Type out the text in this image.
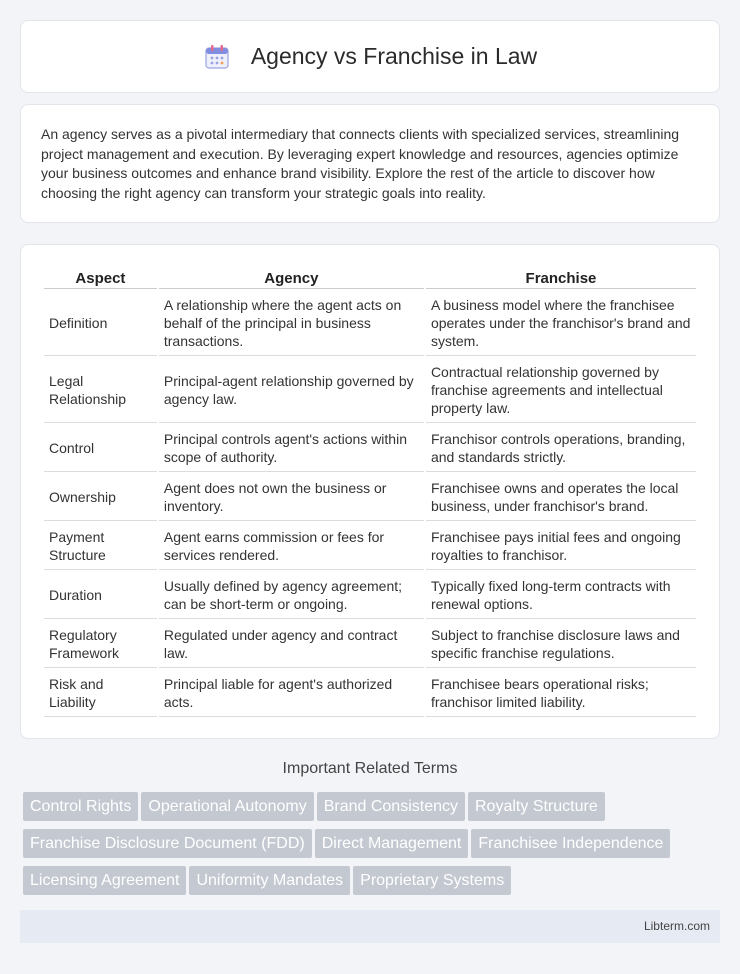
Agency vs Franchise in Law

An agency serves as a pivotal intermediary that connects clients with specialized services, streamlining project management and execution. By leveraging expert knowledge and resources, agencies optimize your business outcomes and enhance brand visibility. Explore the rest of the article to discover how choosing the right agency can transform your strategic goals into reality.

Aspect	Agency	Franchise
Definition	A relationship where the agent acts on behalf of the principal in business transactions.	A business model where the franchisee operates under the franchisor's brand and system.
Legal Relationship	Principal-agent relationship governed by agency law.	Contractual relationship governed by franchise agreements and intellectual property law.
Control	Principal controls agent's actions within scope of authority.	Franchisor controls operations, branding, and standards strictly.
Ownership	Agent does not own the business or inventory.	Franchisee owns and operates the local business, under franchisor's brand.
Payment Structure	Agent earns commission or fees for services rendered.	Franchisee pays initial fees and ongoing royalties to franchisor.
Duration	Usually defined by agency agreement; can be short-term or ongoing.	Typically fixed long-term contracts with renewal options.
Regulatory Framework	Regulated under agency and contract law.	Subject to franchise disclosure laws and specific franchise regulations.
Risk and Liability	Principal liable for agent's authorized acts.	Franchisee bears operational risks; franchisor limited liability.
Important Related Terms
Control Rights Operational Autonomy Brand Consistency Royalty Structure
Franchise Disclosure Document (FDD) Direct Management Franchisee Independence
Licensing Agreement Uniformity Mandates Proprietary Systems
Libterm.com
